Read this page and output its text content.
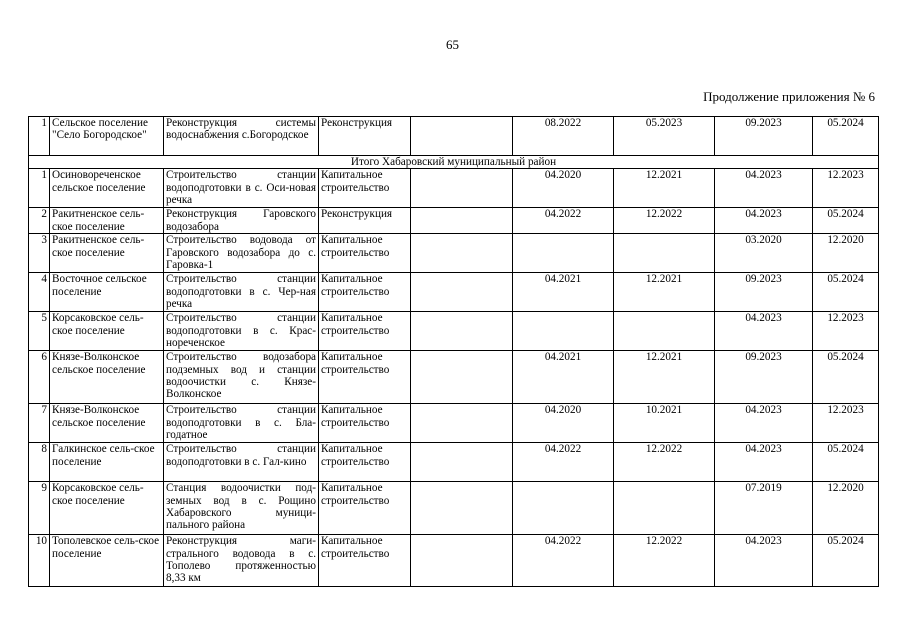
65
Продолжение приложения № 6
1	Сельское поселение "Село Богородское"	Реконструкция системы водоснабжения с.Богородское	Реконструкция		08.2022	05.2023	09.2023	05.2024
Итого Хабаровский муниципальный район								
1	Осиновореченское сельское поселение	Строительство станции водоподготовки в с. Оси-новая речка	Капитальное строительство		04.2020	12.2021	04.2023	12.2023
2	Ракитненское сель-ское поселение	Реконструкция Гаровского водозабора	Реконструкция		04.2022	12.2022	04.2023	05.2024
3	Ракитненское сель-ское поселение	Строительство водовода от Гаровского водозабора до с. Гаровка-1	Капитальное строительство				03.2020	12.2020
4	Восточное сельское поселение	Строительство станции водоподготовки в с. Чер-ная речка	Капитальное строительство		04.2021	12.2021	09.2023	05.2024
5	Корсаковское сель-ское поселение	Строительство станции водоподготовки в с. Крас-нореченское	Капитальное строительство				04.2023	12.2023
6	Князе-Волконское сельское поселение	Строительство водозабора подземных вод и станции водоочистки с. Князе-Волконское	Капитальное строительство		04.2021	12.2021	09.2023	05.2024
7	Князе-Волконское сельское поселение	Строительство станции водоподготовки в с. Бла-годатное	Капитальное строительство		04.2020	10.2021	04.2023	12.2023
8	Галкинское сель-ское поселение	Строительство станции водоподготовки в с. Гал-кино	Капитальное строительство		04.2022	12.2022	04.2023	05.2024
9	Корсаковское сель-ское поселение	Станция водоочистки под-земных вод в с. Рощино Хабаровского муници-пального района	Капитальное строительство				07.2019	12.2020
10	Тополевское сель-ское поселение	Реконструкция маги-стрального водовода в с. Тополево протяженностью 8,33 км	Капитальное строительство		04.2022	12.2022	04.2023	05.2024
